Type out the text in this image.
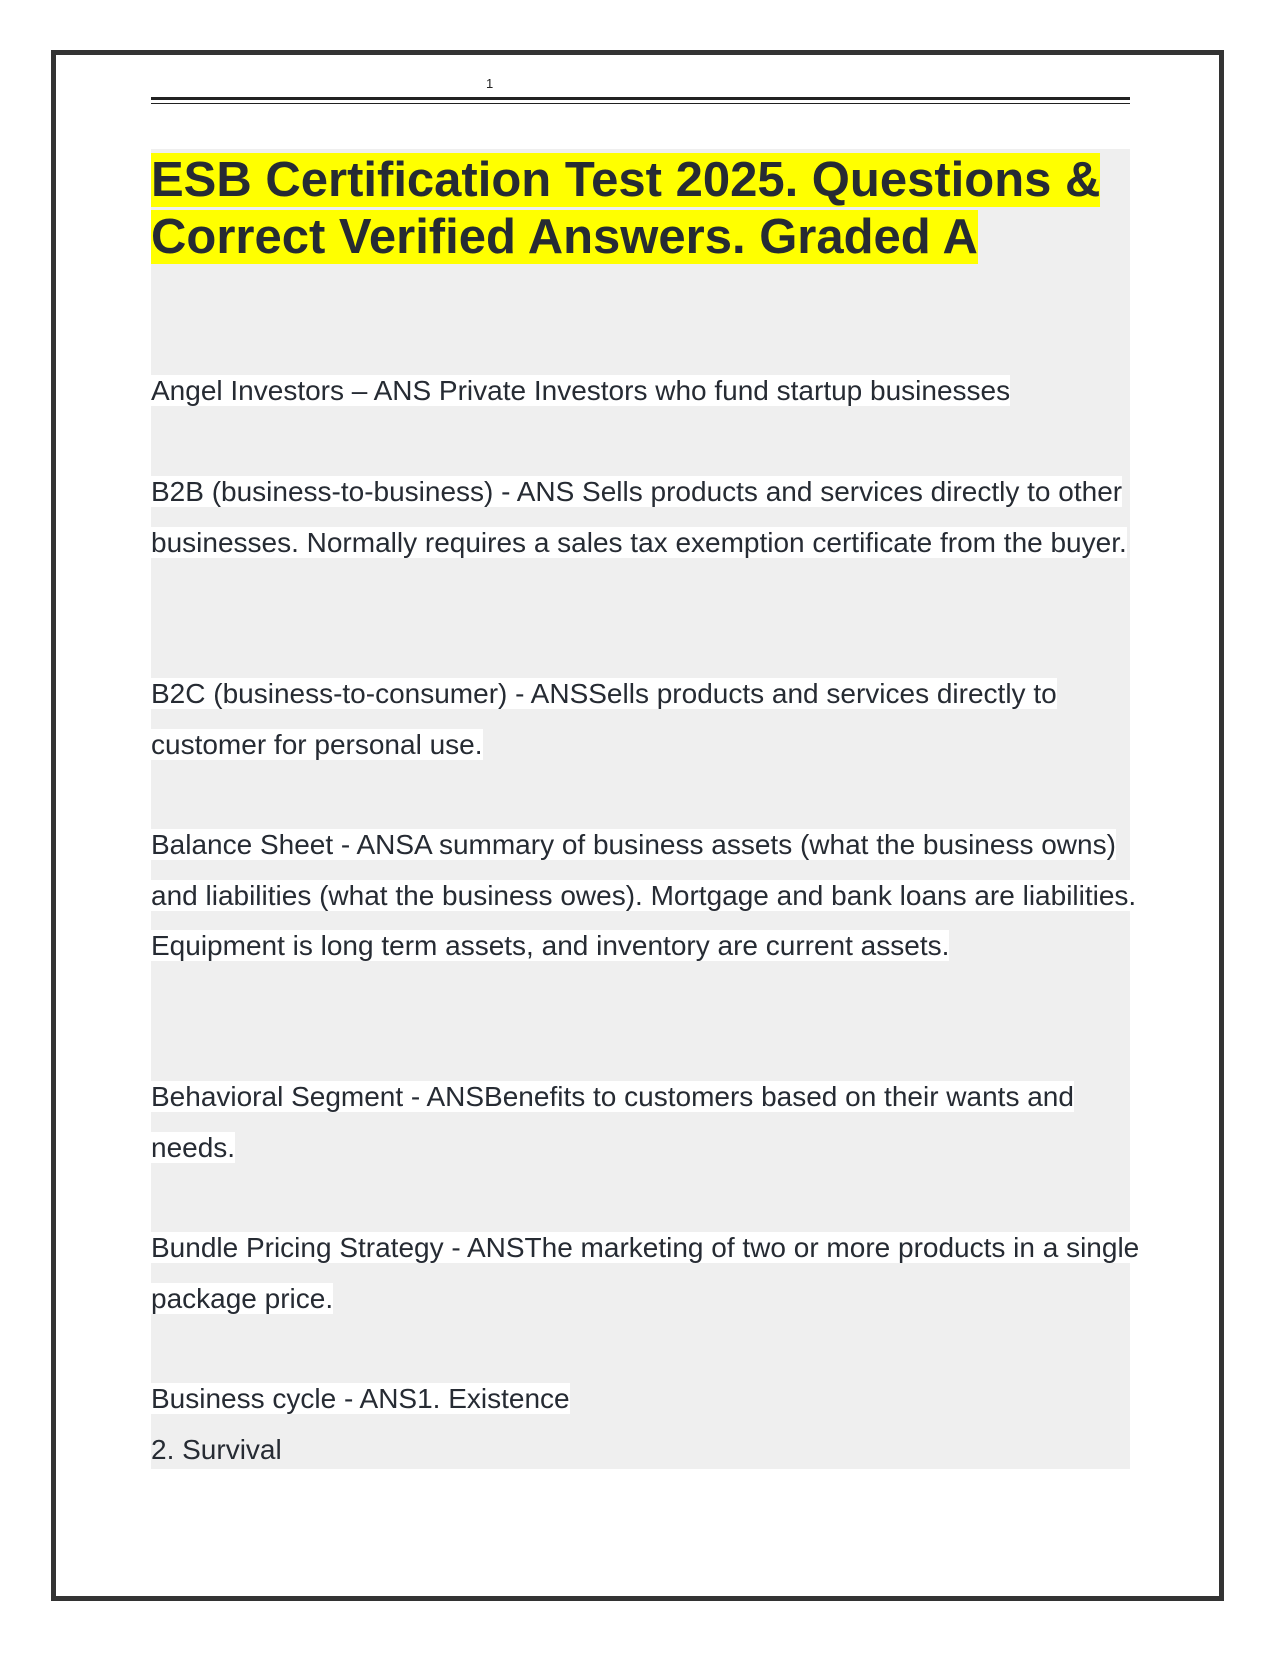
1
ESB Certification Test 2025. Questions & Correct Verified Answers. Graded A

Angel Investors – ANS Private Investors who fund startup businesses

B2B (business-to-business) - ANS Sells products and services directly to other businesses. Normally requires a sales tax exemption certificate from the buyer.

B2C (business-to-consumer) - ANSSells products and services directly to customer for personal use.

Balance Sheet - ANSA summary of business assets (what the business owns) and liabilities (what the business owes). Mortgage and bank loans are liabilities. Equipment is long term assets, and inventory are current assets.

Behavioral Segment - ANSBenefits to customers based on their wants and needs.

Bundle Pricing Strategy - ANSThe marketing of two or more products in a single package price.

Business cycle - ANS1. Existence

2. Survival
